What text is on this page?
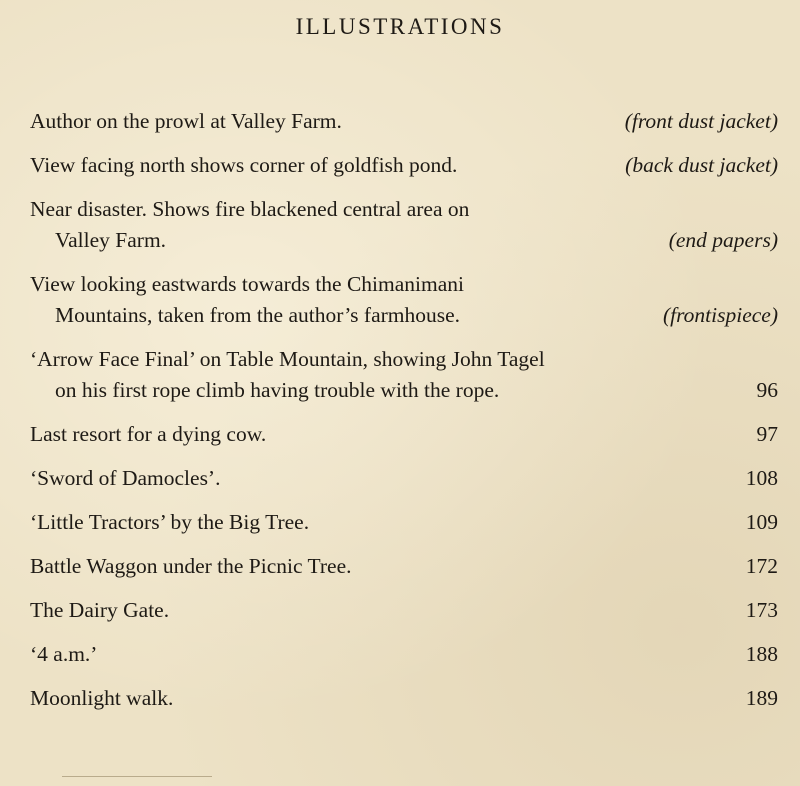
ILLUSTRATIONS
Author on the prowl at Valley Farm.	(front dust jacket)
View facing north shows corner of goldfish pond.	(back dust jacket)
Near disaster. Shows fire blackened central area on
Valley Farm.	(end papers)
View looking eastwards towards the Chimanimani
Mountains, taken from the author’s farmhouse.	(frontispiece)
‘Arrow Face Final’ on Table Mountain, showing John Tagel
on his first rope climb having trouble with the rope.	96
Last resort for a dying cow.	97
‘Sword of Damocles’.	108
‘Little Tractors’ by the Big Tree.	109
Battle Waggon under the Picnic Tree.	172
The Dairy Gate.	173
‘4 a.m.’	188
Moonlight walk.	189
